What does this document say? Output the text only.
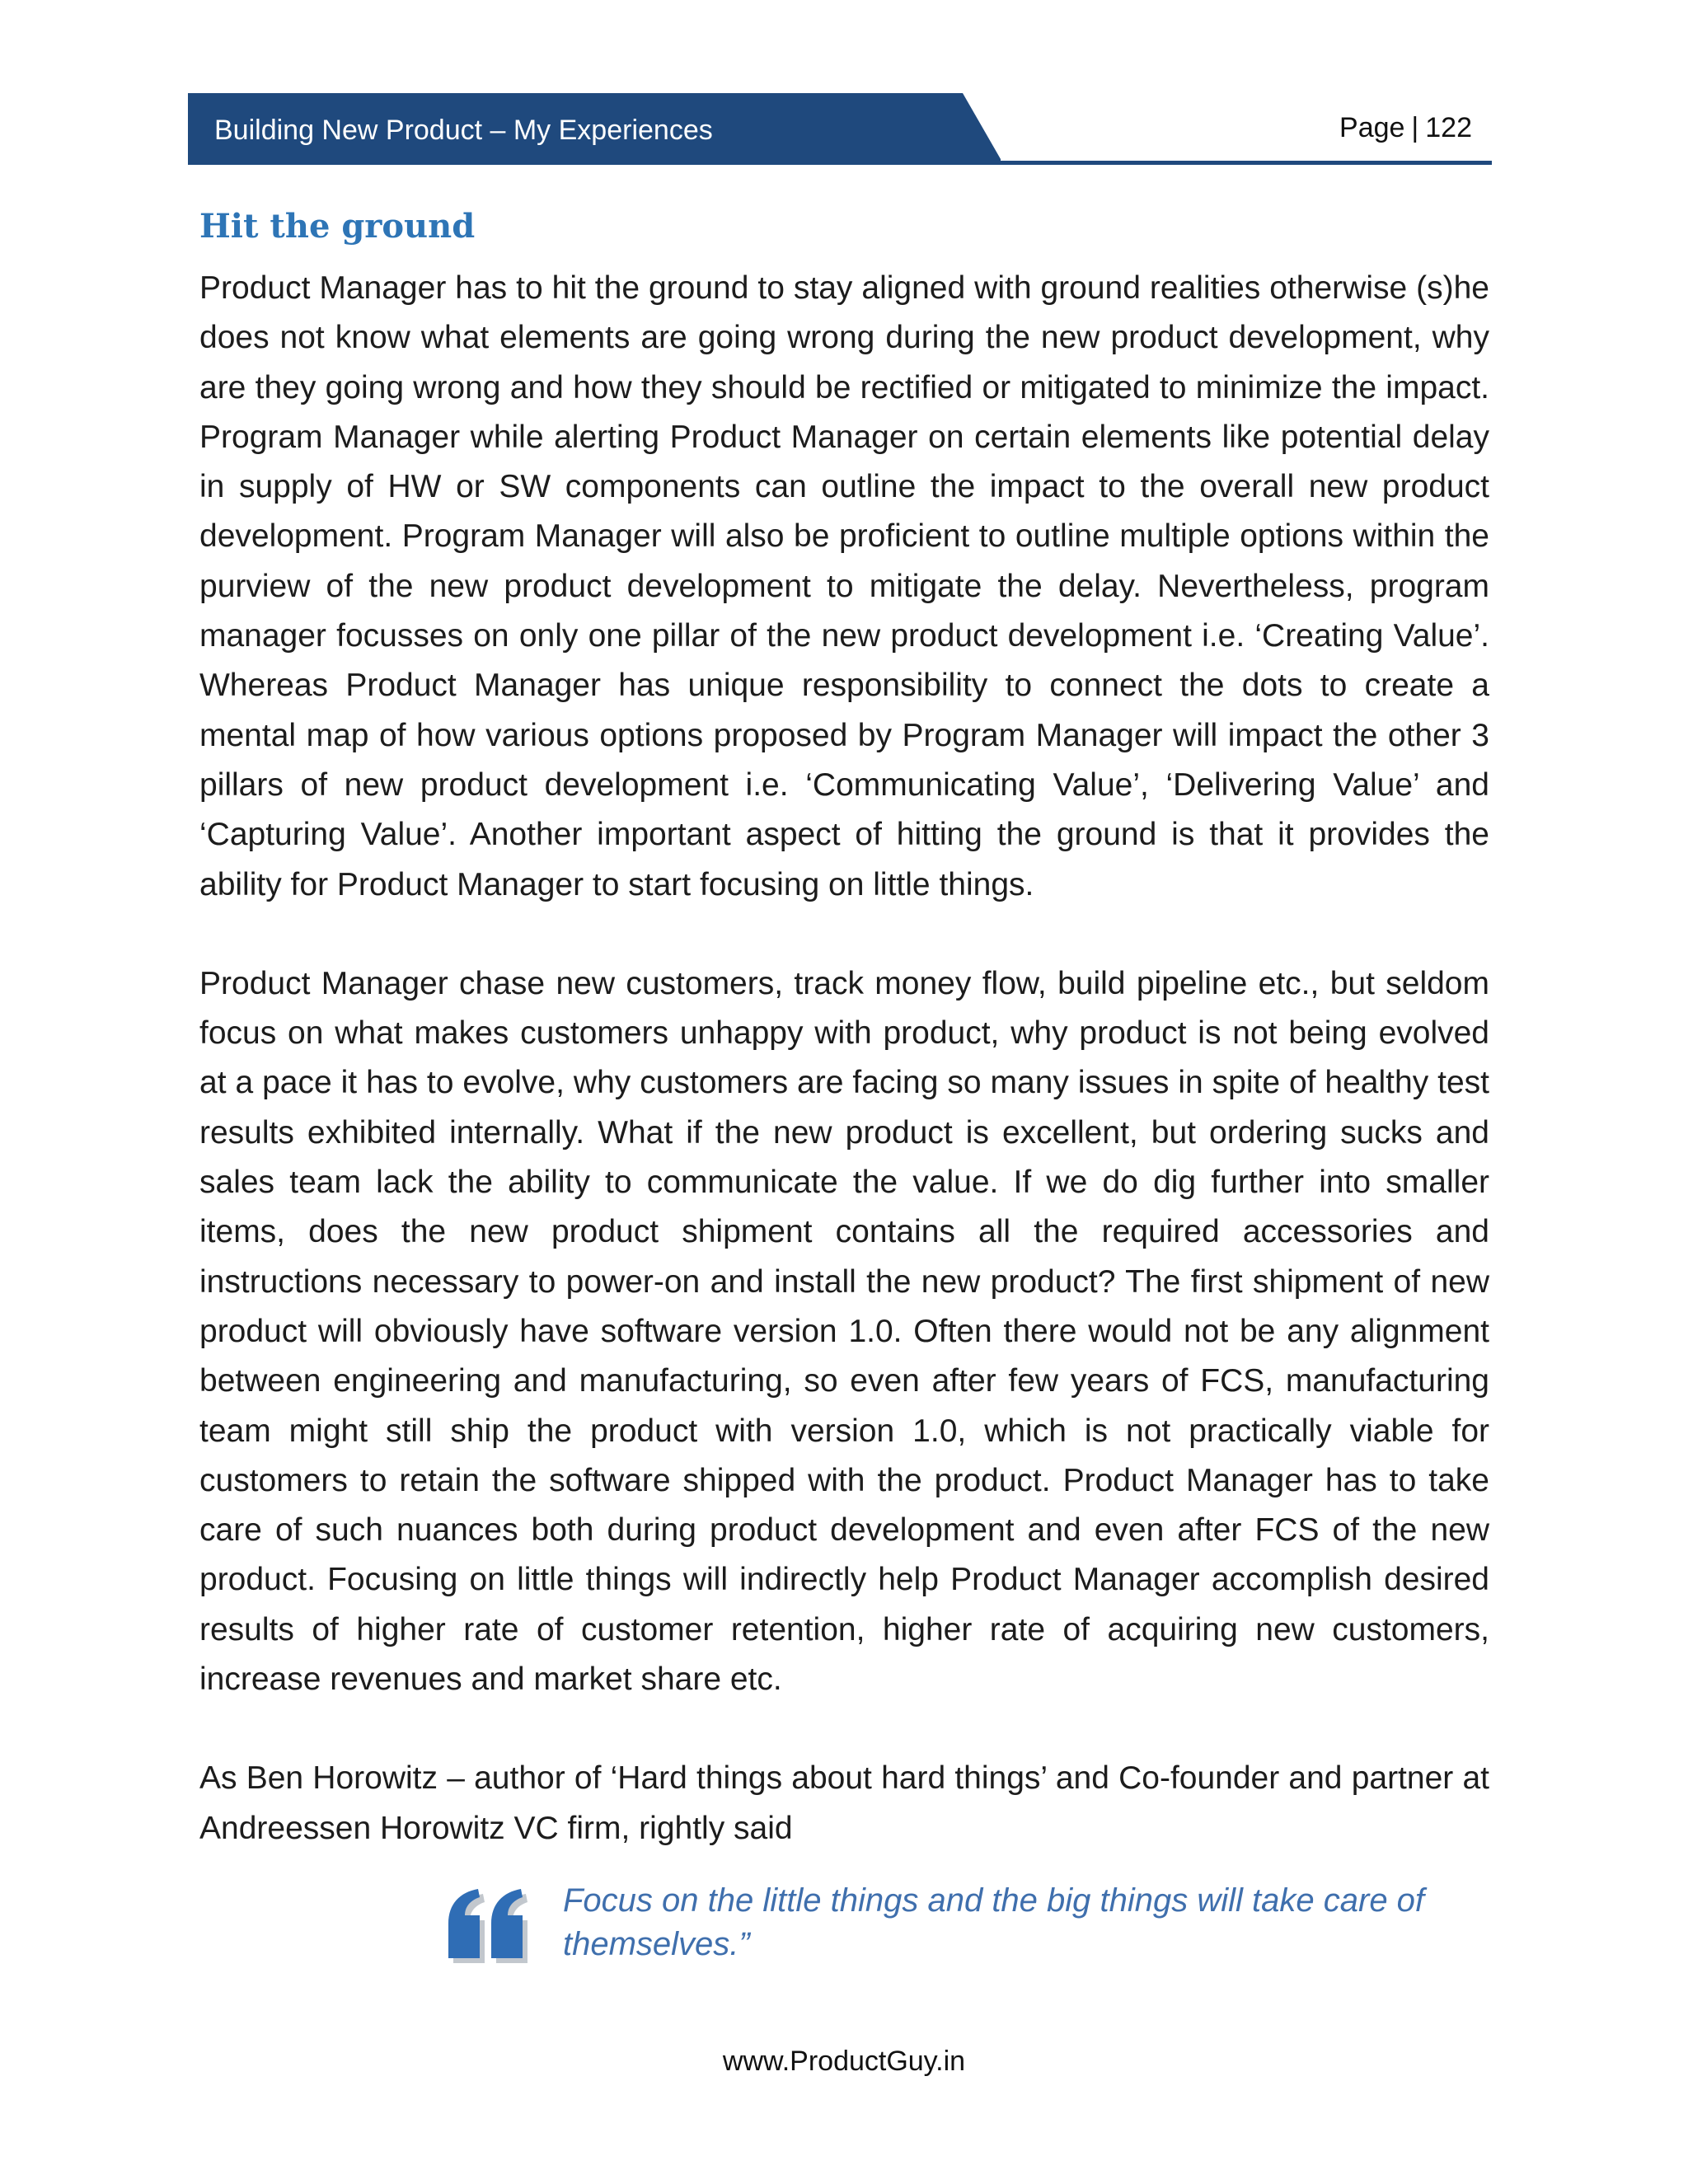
Building New Product – My Experiences	Page | 122
Hit the ground

Product Manager has to hit the ground to stay aligned with ground realities otherwise (s)he does not know what elements are going wrong during the new product development, why are they going wrong and how they should be rectified or mitigated to minimize the impact. Program Manager while alerting Product Manager on certain elements like potential delay in supply of HW or SW components can outline the impact to the overall new product development. Program Manager will also be proficient to outline multiple options within the purview of the new product development to mitigate the delay. Nevertheless, program manager focusses on only one pillar of the new product development i.e. ‘Creating Value’. Whereas Product Manager has unique responsibility to connect the dots to create a mental map of how various options proposed by Program Manager will impact the other 3 pillars of new product development i.e. ‘Communicating Value’, ‘Delivering Value’ and ‘Capturing Value’. Another important aspect of hitting the ground is that it provides the ability for Product Manager to start focusing on little things.

Product Manager chase new customers, track money flow, build pipeline etc., but seldom focus on what makes customers unhappy with product, why product is not being evolved at a pace it has to evolve, why customers are facing so many issues in spite of healthy test results exhibited internally. What if the new product is excellent, but ordering sucks and sales team lack the ability to communicate the value. If we do dig further into smaller items, does the new product shipment contains all the required accessories and instructions necessary to power-on and install the new product? The first shipment of new product will obviously have software version 1.0. Often there would not be any alignment between engineering and manufacturing, so even after few years of FCS, manufacturing team might still ship the product with version 1.0, which is not practically viable for customers to retain the software shipped with the product. Product Manager has to take care of such nuances both during product development and even after FCS of the new product. Focusing on little things will indirectly help Product Manager accomplish desired results of higher rate of customer retention, higher rate of acquiring new customers, increase revenues and market share etc.

As Ben Horowitz – author of ‘Hard things about hard things’ and Co-founder and partner at Andreessen Horowitz VC firm, rightly said

Focus on the little things and the big things will take care of themselves.”
www.ProductGuy.in
